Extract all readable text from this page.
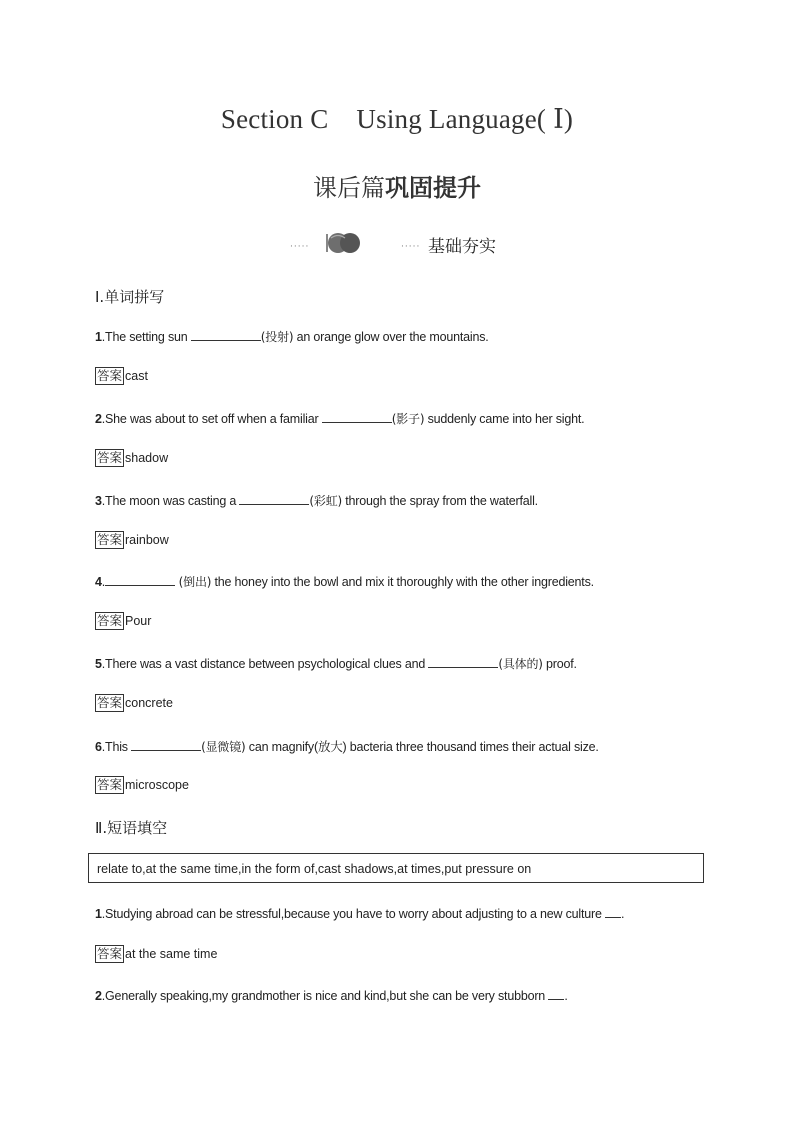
Section C Using Language( Ⅰ)
课后篇巩固提升
·····	····· 基础夯实
Ⅰ.单词拼写
1.The setting sun	(投射) an orange glow over the mountains.
答案 cast
2.She was about to set off when a familiar	(影子) suddenly came into her sight.
答案 shadow
3.The moon was casting a	(彩虹) through the spray from the waterfall.
答案 rainbow
4.	(倒出) the honey into the bowl and mix it thoroughly with the other ingredients.
答案 Pour
5.There was a vast distance between psychological clues and	(具体的) proof.
答案 concrete
6.This	(显微镜) can magnify(放大) bacteria three thousand times their actual size.
答案 microscope
Ⅱ.短语填空
relate to,at the same time,in the form of,cast shadows,at times,put pressure on
1.Studying abroad can be stressful,because you have to worry about adjusting to a new culture .
答案 at the same time
2.Generally speaking,my grandmother is nice and kind,but she can be very stubborn .
